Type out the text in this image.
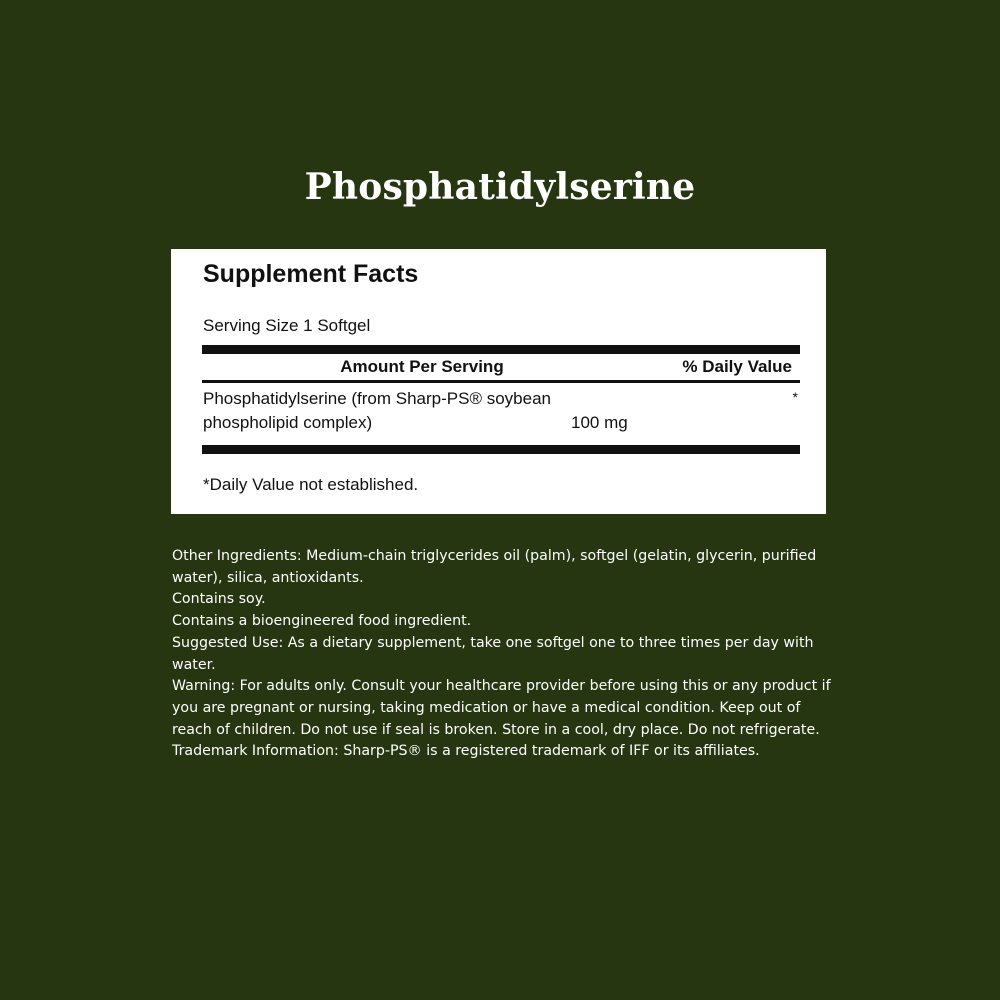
Phosphatidylserine
Supplement Facts
Serving Size 1 Softgel
Amount Per Serving	% Daily Value
Phosphatidylserine (from Sharp-PS® soybean phospholipid complex)	100 mg
*
*Daily Value not established.

Other Ingredients: Medium-chain triglycerides oil (palm), softgel (gelatin, glycerin, purified water), silica, antioxidants.

Contains soy.

Contains a bioengineered food ingredient.

Suggested Use: As a dietary supplement, take one softgel one to three times per day with water.

Warning: For adults only. Consult your healthcare provider before using this or any product if you are pregnant or nursing, taking medication or have a medical condition. Keep out of reach of children. Do not use if seal is broken. Store in a cool, dry place. Do not refrigerate.

Trademark Information: Sharp-PS® is a registered trademark of IFF or its affiliates.
